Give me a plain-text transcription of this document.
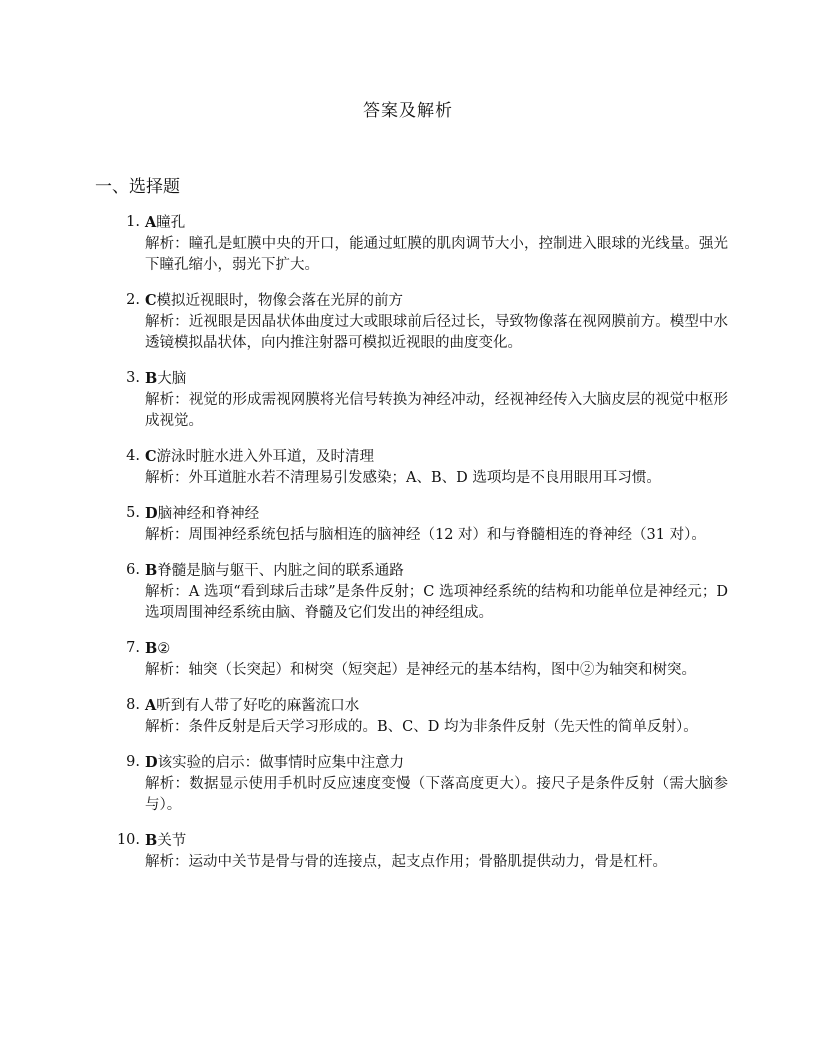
答案及解析
一、选择题
1. A瞳孔
解析：瞳孔是虹膜中央的开口，能通过虹膜的肌肉调节大小，控制进入眼球的光线量。强光下瞳孔缩小，弱光下扩大。
2. C模拟近视眼时，物像会落在光屏的前方
解析：近视眼是因晶状体曲度过大或眼球前后径过长，导致物像落在视网膜前方。模型中水透镜模拟晶状体，向内推注射器可模拟近视眼的曲度变化。
3. B大脑
解析：视觉的形成需视网膜将光信号转换为神经冲动，经视神经传入大脑皮层的视觉中枢形成视觉。
4. C游泳时脏水进入外耳道，及时清理
解析：外耳道脏水若不清理易引发感染；A、B、D 选项均是不良用眼用耳习惯。
5. D脑神经和脊神经
解析：周围神经系统包括与脑相连的脑神经（12 对）和与脊髓相连的脊神经（31 对）。
6. B脊髓是脑与躯干、内脏之间的联系通路
解析：A 选项“看到球后击球”是条件反射；C 选项神经系统的结构和功能单位是神经元；D 选项周围神经系统由脑、脊髓及它们发出的神经组成。
7. B②
解析：轴突（长突起）和树突（短突起）是神经元的基本结构，图中②为轴突和树突。
8. A听到有人带了好吃的麻酱流口水
解析：条件反射是后天学习形成的。B、C、D 均为非条件反射（先天性的简单反射）。
9. D该实验的启示：做事情时应集中注意力
解析：数据显示使用手机时反应速度变慢（下落高度更大）。接尺子是条件反射（需大脑参与）。
10. B关节
解析：运动中关节是骨与骨的连接点，起支点作用；骨骼肌提供动力，骨是杠杆。
